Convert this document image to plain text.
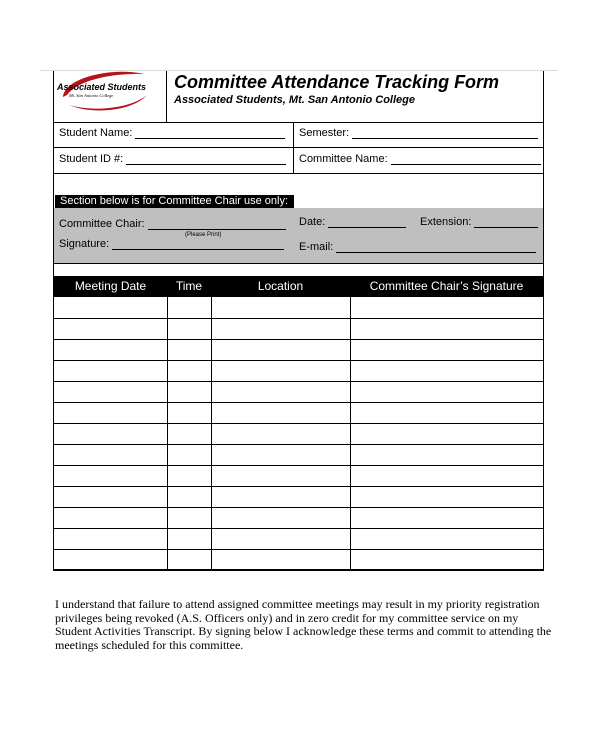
Associated Students
Mt. San Antonio College
Committee Attendance Tracking Form
Associated Students, Mt. San Antonio College
Student Name:	Semester:
Student ID #:	Committee Name:
Section below is for Committee Chair use only:
Committee Chair:
(Please Print)
Signature:
Date:	Extension:
E-mail:
Meeting Date	Time	Location	Committee Chair’s Signature
I understand that failure to attend assigned committee meetings may result in my priority registration privileges being revoked (A.S. Officers only) and in zero credit for my committee service on my Student Activities Transcript. By signing below I acknowledge these terms and commit to attending the meetings scheduled for this committee.
